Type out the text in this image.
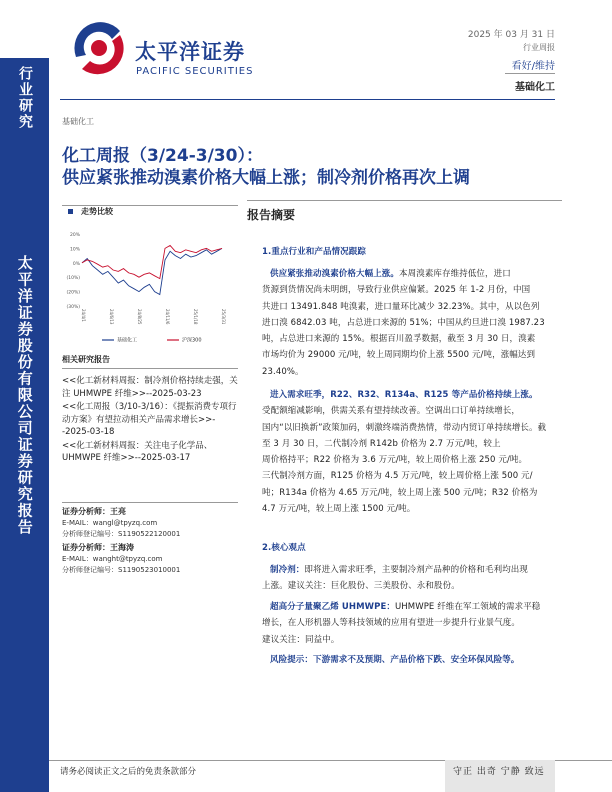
行业研究
太平洋证券股份有限公司证券研究报告
太平洋证券
PACIFIC SECURITIES
2025 年 03 月 31 日
行业周报
看好/维持
基础化工
基础化工
化工周报（3/24-3/30）：
供应紧张推动溴素价格大幅上涨；制冷剂价格再次上调
走势比较
20%
10%
0%
(10%)
(20%)
(30%)
24/4/1	24/6/13	24/8/25	24/11/6	25/1/18	25/3/31
基础化工	沪深300
相关研究报告
<<化工新材料周报：制冷剂价格持续走强，关注 UHMWPE 纤维>>--2025-03-23
<<化工周报（3/10-3/16）：《提振消费专项行动方案》有望拉动相关产品需求增长>>--2025-03-18
<<化工新材料周报：关注电子化学品、UHMWPE 纤维>>--2025-03-17
证券分析师：王亮
E-MAIL：wangl@tpyzq.com
分析师登记编号：S1190522120001
证券分析师：王海涛
E-MAIL：wanght@tpyzq.com
分析师登记编号：S1190523010001
报告摘要
1.重点行业和产品情况跟踪
供应紧张推动溴素价格大幅上涨。本周溴素库存维持低位，进口
货源到货情况尚未明朗，导致行业供应偏紧。2025 年 1-2 月份，中国
共进口 13491.848 吨溴素，进口量环比减少 32.23%。其中，从以色列
进口溴 6842.03 吨，占总进口来源的 51%；中国从约旦进口溴 1987.23
吨，占总进口来源的 15%。根据百川盈孚数据，截至 3 月 30 日，溴素
市场均价为 29000 元/吨，较上周同期均价上涨 5500 元/吨，涨幅达到
23.40%。
进入需求旺季，R22、R32、R134a、R125 等产品价格持续上涨。
受配额缩减影响，供需关系有望持续改善。空调出口订单持续增长，
国内“以旧换新”政策加码，刺激终端消费热情，带动内贸订单持续增长。截
至 3 月 30 日，二代制冷剂 R142b 价格为 2.7 万元/吨，较上
周价格持平；R22 价格为 3.6 万元/吨，较上周价格上涨 250 元/吨。
三代制冷剂方面，R125 价格为 4.5 万元/吨，较上周价格上涨 500 元/
吨；R134a 价格为 4.65 万元/吨，较上周上涨 500 元/吨；R32 价格为
4.7 万元/吨，较上周上涨 1500 元/吨。
2.核心观点
制冷剂：即将进入需求旺季，主要制冷剂产品种的价格和毛利均出现
上涨。建议关注：巨化股份、三美股份、永和股份。
超高分子量聚乙烯 UHMWPE：UHMWPE 纤维在军工领域的需求平稳
增长，在人形机器人等科技领域的应用有望进一步提升行业景气度。
建议关注：同益中。
风险提示：下游需求不及预期、产品价格下跌、安全环保风险等。
请务必阅读正文之后的免责条款部分	守正 出奇 宁静 致远
